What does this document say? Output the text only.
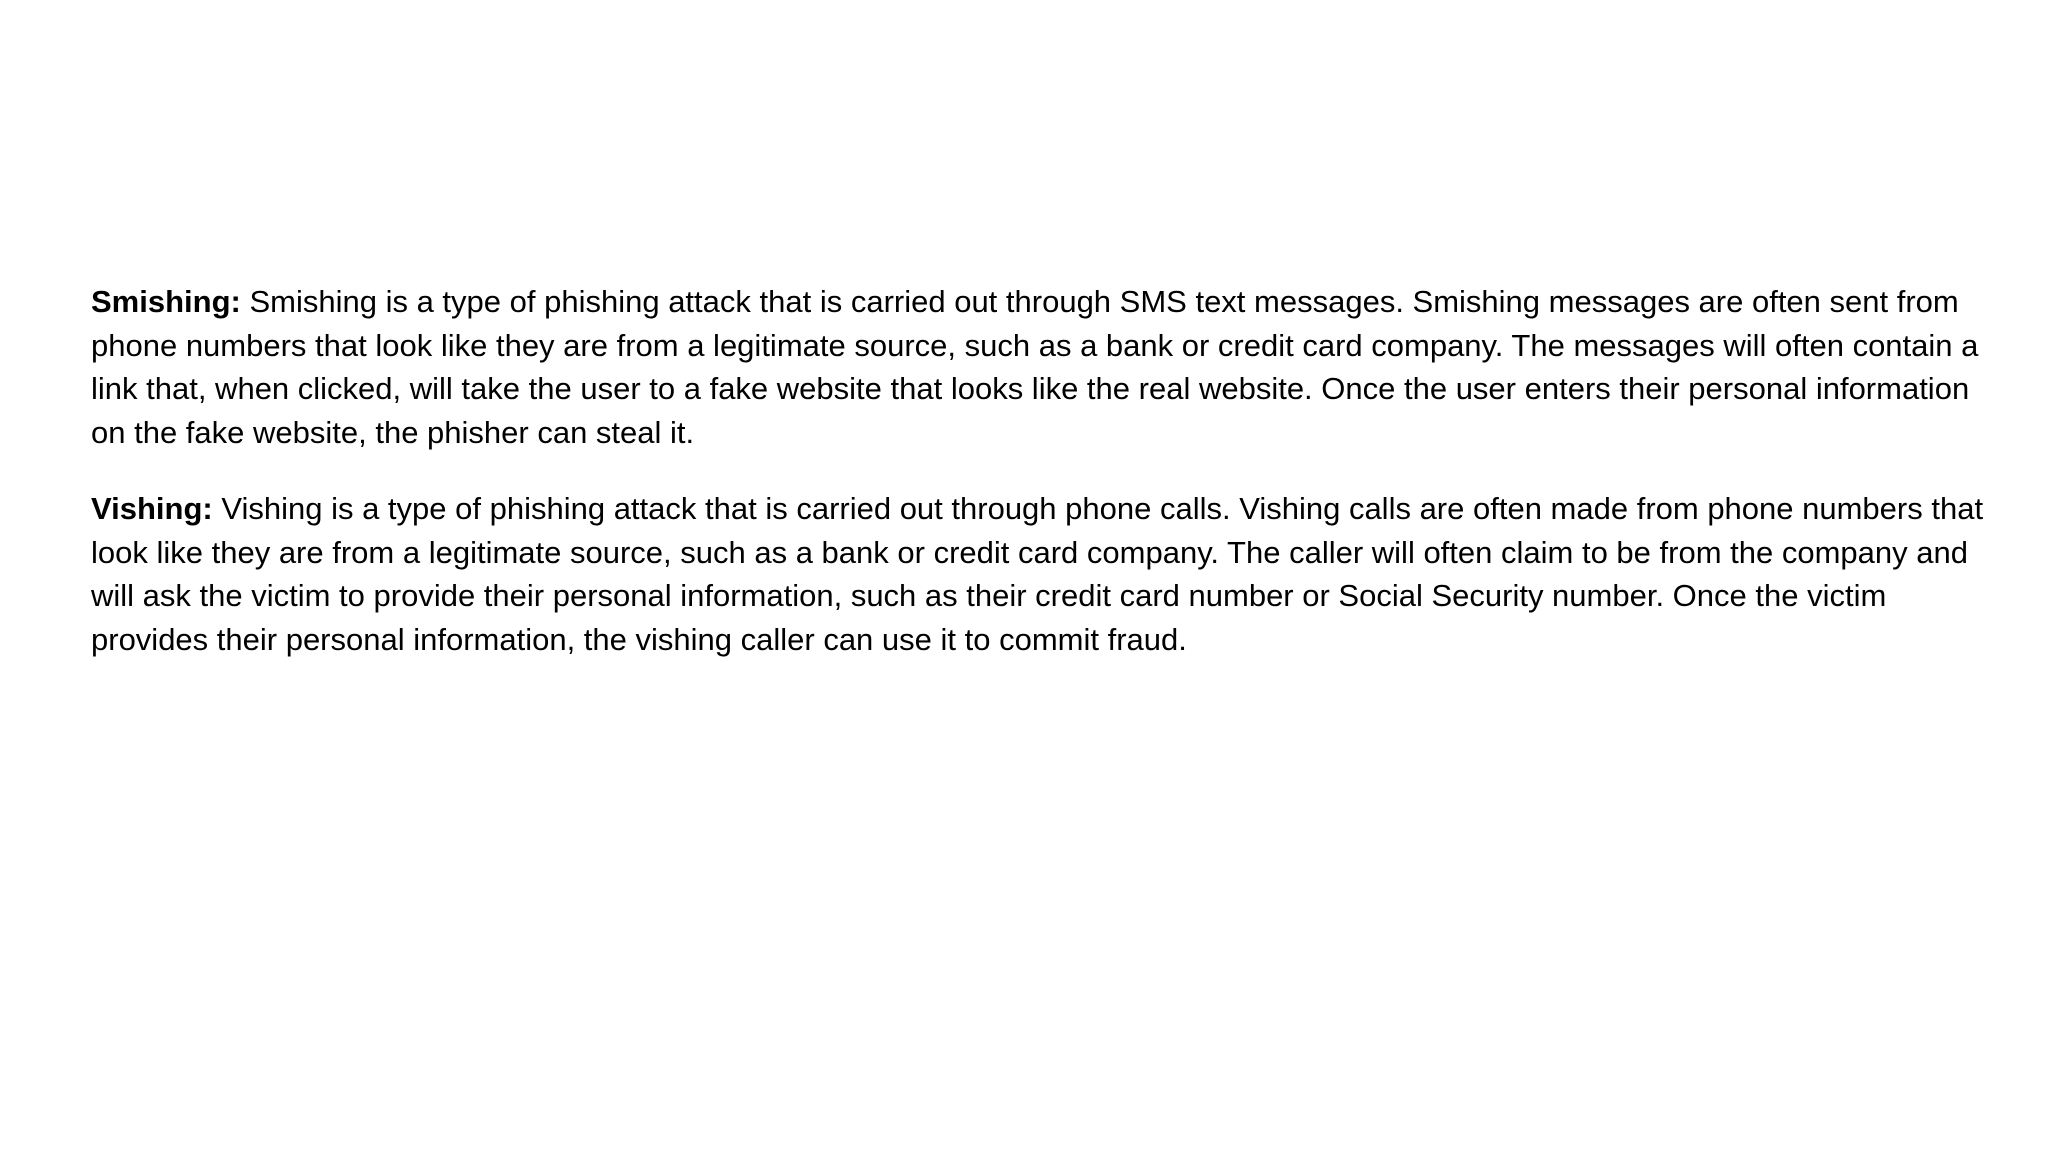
Smishing: Smishing is a type of phishing attack that is carried out through SMS text messages. Smishing messages are often sent from phone numbers that look like they are from a legitimate source, such as a bank or credit card company. The messages will often contain a link that, when clicked, will take the user to a fake website that looks like the real website. Once the user enters their personal information on the fake website, the phisher can steal it.

Vishing: Vishing is a type of phishing attack that is carried out through phone calls. Vishing calls are often made from phone numbers that look like they are from a legitimate source, such as a bank or credit card company. The caller will often claim to be from the company and will ask the victim to provide their personal information, such as their credit card number or Social Security number. Once the victim provides their personal information, the vishing caller can use it to commit fraud.
